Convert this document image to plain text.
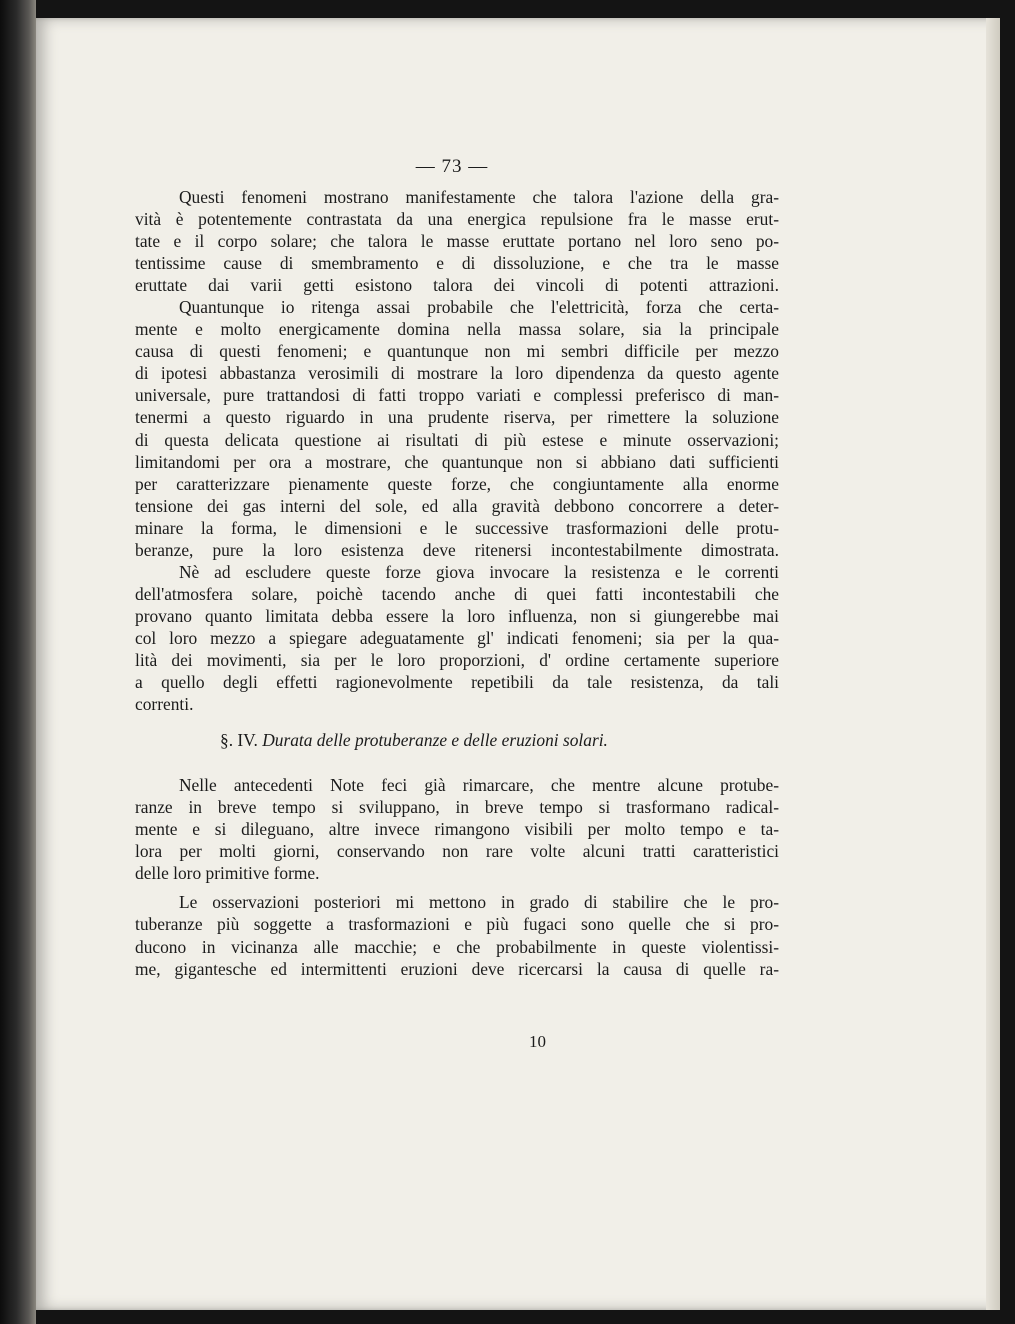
— 73 —
Questi fenomeni mostrano manifestamente che talora l'azione della gra-
vità è potentemente contrastata da una energica repulsione fra le masse erut-
tate e il corpo solare; che talora le masse eruttate portano nel loro seno po-
tentissime cause di smembramento e di dissoluzione, e che tra le masse
eruttate dai varii getti esistono talora dei vincoli di potenti attrazioni.
Quantunque io ritenga assai probabile che l'elettricità, forza che certa-
mente e molto energicamente domina nella massa solare, sia la principale
causa di questi fenomeni; e quantunque non mi sembri difficile per mezzo
di ipotesi abbastanza verosimili di mostrare la loro dipendenza da questo agente
universale, pure trattandosi di fatti troppo variati e complessi preferisco di man-
tenermi a questo riguardo in una prudente riserva, per rimettere la soluzione
di questa delicata questione ai risultati di più estese e minute osservazioni;
limitandomi per ora a mostrare, che quantunque non si abbiano dati sufficienti
per caratterizzare pienamente queste forze, che congiuntamente alla enorme
tensione dei gas interni del sole, ed alla gravità debbono concorrere a deter-
minare la forma, le dimensioni e le successive trasformazioni delle protu-
beranze, pure la loro esistenza deve ritenersi incontestabilmente dimostrata.
Nè ad escludere queste forze giova invocare la resistenza e le correnti
dell'atmosfera solare, poichè tacendo anche di quei fatti incontestabili che
provano quanto limitata debba essere la loro influenza, non si giungerebbe mai
col loro mezzo a spiegare adeguatamente gl' indicati fenomeni; sia per la qua-
lità dei movimenti, sia per le loro proporzioni, d' ordine certamente superiore
a quello degli effetti ragionevolmente repetibili da tale resistenza, da tali
correnti.
§. IV. Durata delle protuberanze e delle eruzioni solari.
Nelle antecedenti Note feci già rimarcare, che mentre alcune protube-
ranze in breve tempo si sviluppano, in breve tempo si trasformano radical-
mente e si dileguano, altre invece rimangono visibili per molto tempo e ta-
lora per molti giorni, conservando non rare volte alcuni tratti caratteristici
delle loro primitive forme.
Le osservazioni posteriori mi mettono in grado di stabilire che le pro-
tuberanze più soggette a trasformazioni e più fugaci sono quelle che si pro-
ducono in vicinanza alle macchie; e che probabilmente in queste violentissi-
me, gigantesche ed intermittenti eruzioni deve ricercarsi la causa di quelle ra-
10
